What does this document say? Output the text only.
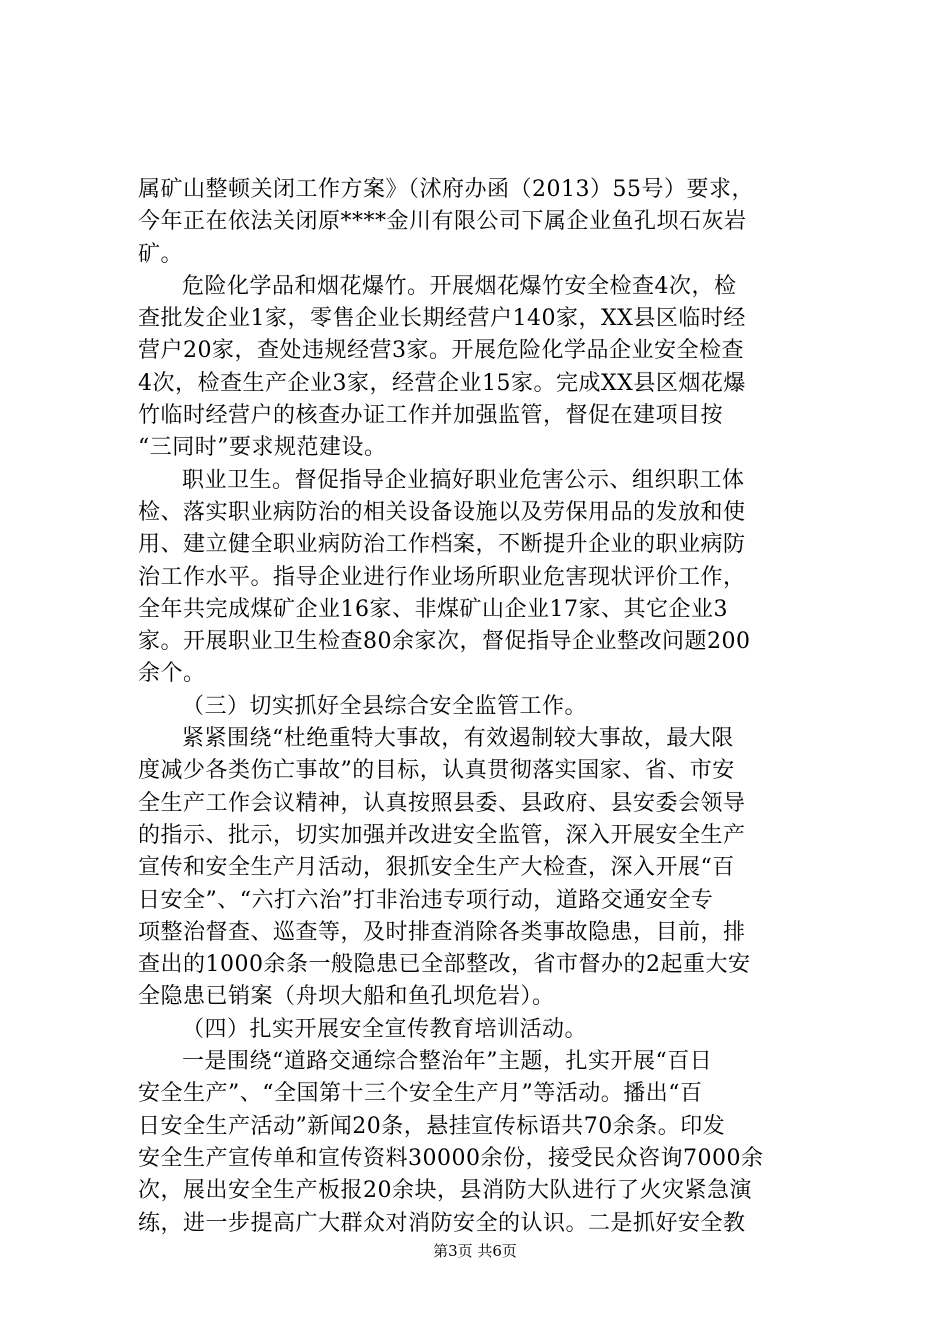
属矿山整顿关闭工作方案》（沭府办函（2013）55号）要求，
今年正在依法关闭原****金川有限公司下属企业鱼孔坝石灰岩
矿。
危险化学品和烟花爆竹。开展烟花爆竹安全检查4次，检
查批发企业1家，零售企业长期经营户140家，XX县区临时经
营户20家，查处违规经营3家。开展危险化学品企业安全检查
4次，检查生产企业3家，经营企业15家。完成XX县区烟花爆
竹临时经营户的核查办证工作并加强监管，督促在建项目按
“三同时”要求规范建设。
职业卫生。督促指导企业搞好职业危害公示、组织职工体
检、落实职业病防治的相关设备设施以及劳保用品的发放和使
用、建立健全职业病防治工作档案，不断提升企业的职业病防
治工作水平。指导企业进行作业场所职业危害现状评价工作，
全年共完成煤矿企业16家、非煤矿山企业17家、其它企业3
家。开展职业卫生检查80余家次，督促指导企业整改问题200
余个。
（三）切实抓好全县综合安全监管工作。
紧紧围绕“杜绝重特大事故，有效遏制较大事故，最大限
度减少各类伤亡事故”的目标，认真贯彻落实国家、省、市安
全生产工作会议精神，认真按照县委、县政府、县安委会领导
的指示、批示，切实加强并改进安全监管，深入开展安全生产
宣传和安全生产月活动，狠抓安全生产大检查，深入开展“百
日安全”、“六打六治”打非治违专项行动，道路交通安全专
项整治督查、巡查等，及时排查消除各类事故隐患，目前，排
查出的1000余条一般隐患已全部整改，省市督办的2起重大安
全隐患已销案（舟坝大船和鱼孔坝危岩）。
（四）扎实开展安全宣传教育培训活动。
一是围绕“道路交通综合整治年”主题，扎实开展“百日
安全生产”、“全国第十三个安全生产月”等活动。播出“百
日安全生产活动”新闻20条，悬挂宣传标语共70余条。印发
安全生产宣传单和宣传资料30000余份，接受民众咨询7000余
次，展出安全生产板报20余块，县消防大队进行了火灾紧急演
练，进一步提高广大群众对消防安全的认识。二是抓好安全教
第3页 共6页
